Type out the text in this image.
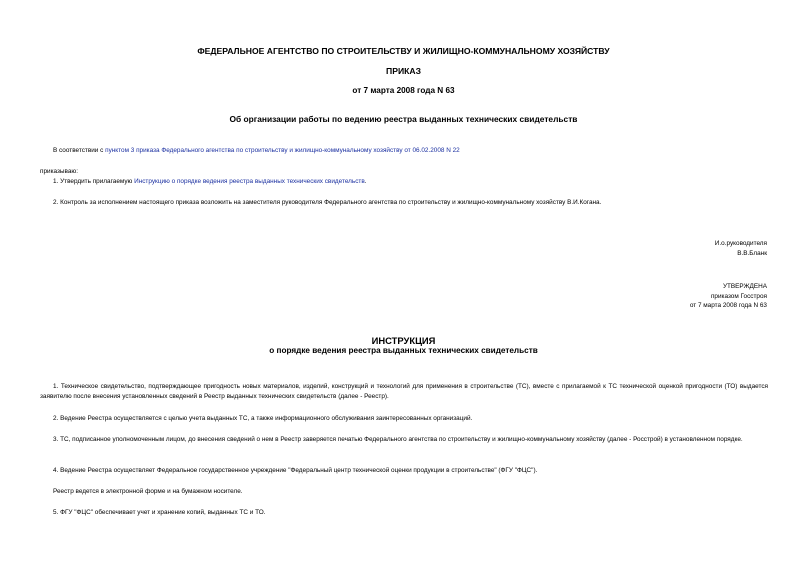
ФЕДЕРАЛЬНОЕ АГЕНТСТВО ПО СТРОИТЕЛЬСТВУ И ЖИЛИЩНО-КОММУНАЛЬНОМУ ХОЗЯЙСТВУ
ПРИКАЗ
от 7 марта 2008 года N 63
Об организации работы по ведению реестра выданных технических свидетельств
В соответствии с пунктом 3 приказа Федерального агентства по строительству и жилищно-коммунальному хозяйству от 06.02.2008 N 22
приказываю:
1. Утвердить прилагаемую Инструкцию о порядке ведения реестра выданных технических свидетельств.
2. Контроль за исполнением настоящего приказа возложить на заместителя руководителя Федерального агентства по строительству и жилищно-коммунальному хозяйству В.И.Когана.
И.о.руководителя
В.В.Бланк
УТВЕРЖДЕНА
приказом Госстроя
от 7 марта 2008 года N 63
ИНСТРУКЦИЯ
о порядке ведения реестра выданных технических свидетельств
1. Техническое свидетельство, подтверждающее пригодность новых материалов, изделий, конструкций и технологий для применения в строительстве (ТС), вместе с прилагаемой к ТС технической оценкой пригодности (ТО) выдается заявителю после внесения установленных сведений в Реестр выданных технических свидетельств (далее - Реестр).
2. Ведение Реестра осуществляется с целью учета выданных ТС, а также информационного обслуживания заинтересованных организаций.
3. ТС, подписанное уполномоченным лицом, до внесения сведений о нем в Реестр заверяется печатью Федерального агентства по строительству и жилищно-коммунальному хозяйству (далее - Росстрой) в установленном порядке.
4. Ведение Реестра осуществляет Федеральное государственное учреждение "Федеральный центр технической оценки продукции в строительстве" (ФГУ "ФЦС").
Реестр ведется в электронной форме и на бумажном носителе.
5. ФГУ "ФЦС" обеспечивает учет и хранение копий, выданных ТС и ТО.
